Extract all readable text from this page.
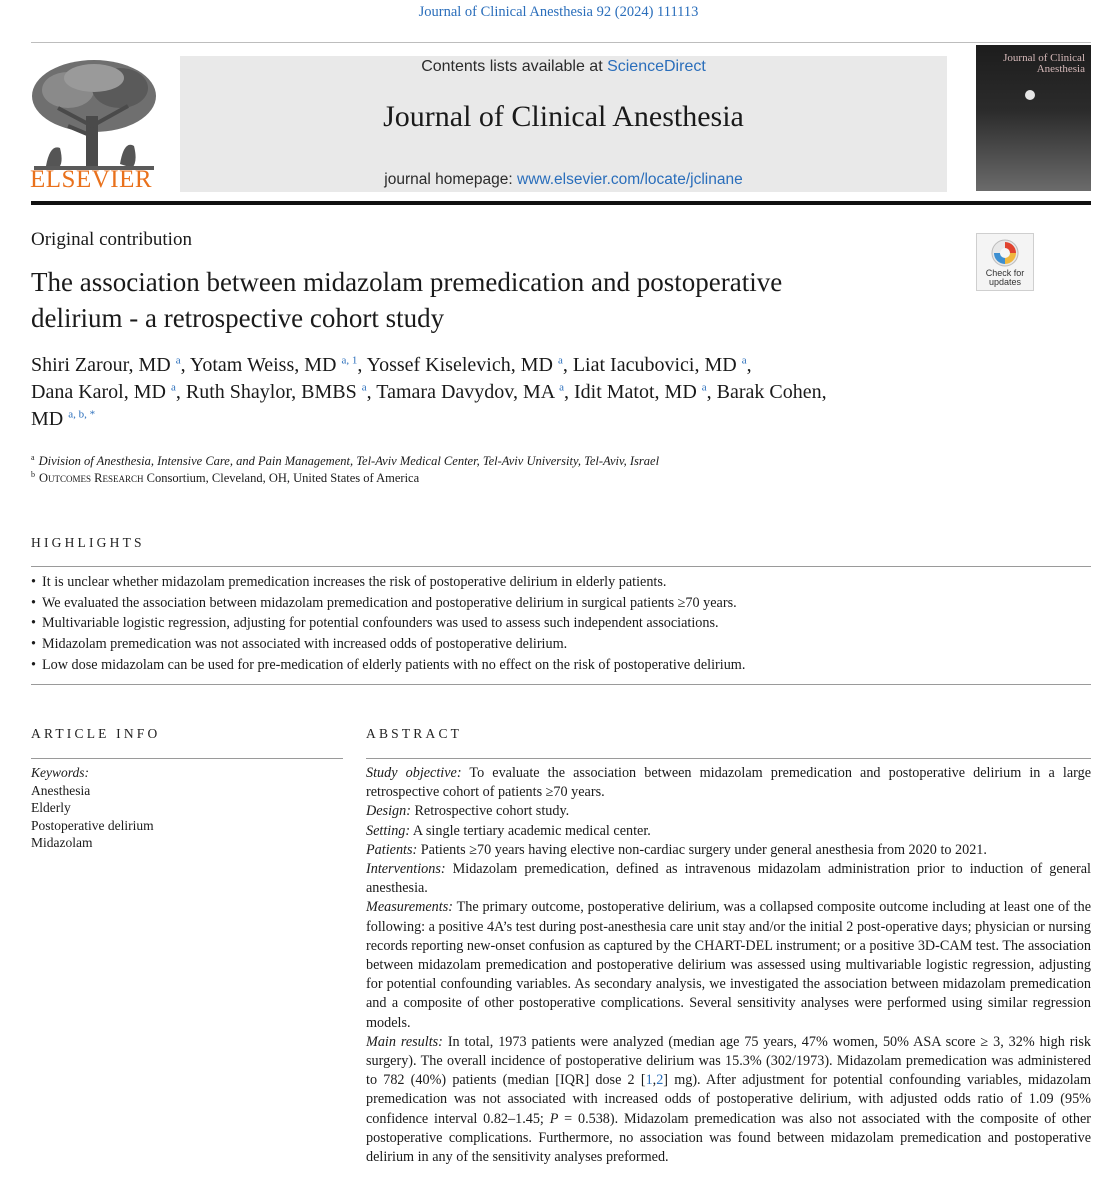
Journal of Clinical Anesthesia 92 (2024) 111113
ELSEVIER
Contents lists available at ScienceDirect
Journal of Clinical Anesthesia
journal homepage: www.elsevier.com/locate/jclinane
Journal of Clinical
Anesthesia
Original contribution
The association between midazolam premedication and postoperative
delirium - a retrospective cohort study
Check for
updates
Shiri Zarour, MD $^a$, Yotam Weiss, MD $^{a, 1}$, Yossef Kiselevich, MD $^a$, Liat Iacubovici, MD $^a$,
Dana Karol, MD $^a$, Ruth Shaylor, BMBS $^a$, Tamara Davydov, MA $^a$, Idit Matot, MD $^a$, Barak Cohen,
MD $^{a, b, *}$
$^a$ Division of Anesthesia, Intensive Care, and Pain Management, Tel-Aviv Medical Center, Tel-Aviv University, Tel-Aviv, Israel
$^b$ Outcomes Research Consortium, Cleveland, OH, United States of America
HIGHLIGHTS
• It is unclear whether midazolam premedication increases the risk of postoperative delirium in elderly patients.
• We evaluated the association between midazolam premedication and postoperative delirium in surgical patients ≥70 years.
• Multivariable logistic regression, adjusting for potential confounders was used to assess such independent associations.
• Midazolam premedication was not associated with increased odds of postoperative delirium.
• Low dose midazolam can be used for pre-medication of elderly patients with no effect on the risk of postoperative delirium.
ARTICLE INFO	ABSTRACT
Keywords:
Anesthesia
Elderly
Postoperative delirium
Midazolam

Study objective: To evaluate the association between midazolam premedication and postoperative delirium in a large retrospective cohort of patients ≥70 years.

Design: Retrospective cohort study.

Setting: A single tertiary academic medical center.

Patients: Patients ≥70 years having elective non-cardiac surgery under general anesthesia from 2020 to 2021.

Interventions: Midazolam premedication, defined as intravenous midazolam administration prior to induction of general anesthesia.

Measurements: The primary outcome, postoperative delirium, was a collapsed composite outcome including at least one of the following: a positive 4A’s test during post-anesthesia care unit stay and/or the initial 2 post-operative days; physician or nursing records reporting new-onset confusion as captured by the CHART-DEL instrument; or a positive 3D-CAM test. The association between midazolam premedication and postoperative delirium was assessed using multivariable logistic regression, adjusting for potential confounding variables. As secondary analysis, we investigated the association between midazolam premedication and a composite of other postoperative complications. Several sensitivity analyses were performed using similar regression models.

Main results: In total, 1973 patients were analyzed (median age 75 years, 47% women, 50% ASA score ≥ 3, 32% high risk surgery). The overall incidence of postoperative delirium was 15.3% (302/1973). Midazolam premedication was administered to 782 (40%) patients (median [IQR] dose 2 [1,2] mg). After adjustment for potential confounding variables, midazolam premedication was not associated with increased odds of postoperative delirium, with adjusted odds ratio of 1.09 (95% confidence interval 0.82–1.45; P = 0.538). Midazolam premedication was also not associated with the composite of other postoperative complications. Furthermore, no association was found between midazolam premedication and postoperative delirium in any of the sensitivity analyses preformed.
